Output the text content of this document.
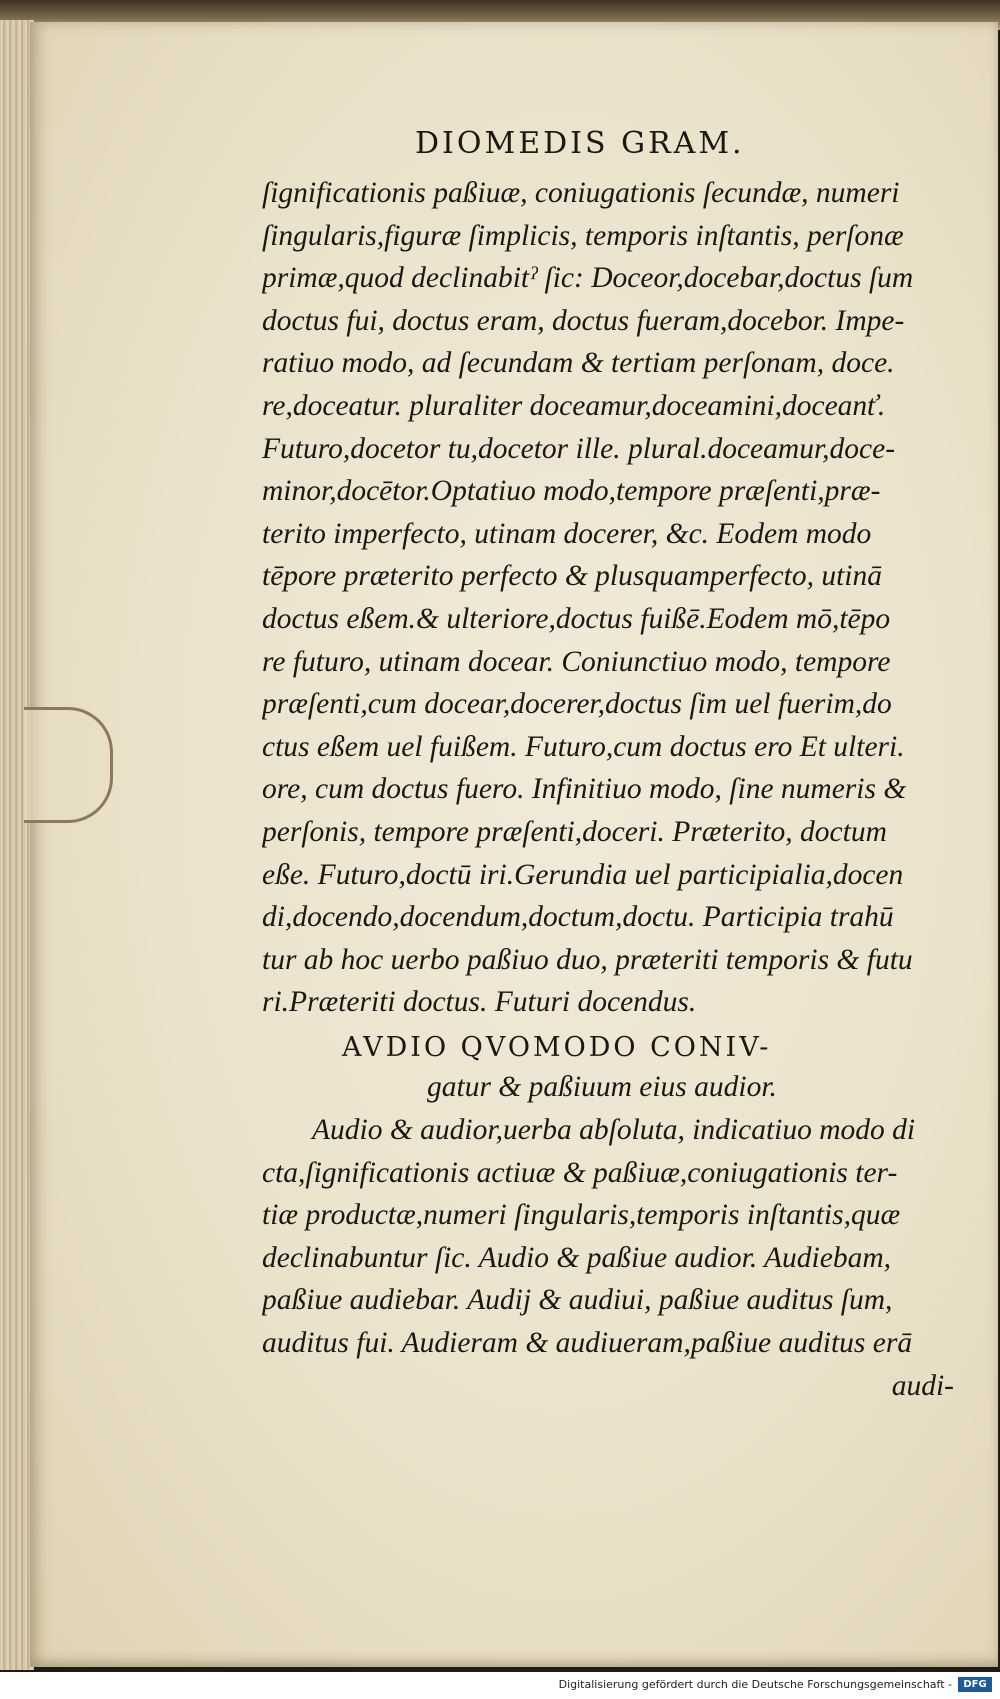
DIOMEDIS GRAM.
ſignificationis paßiuæ, coniugationis ſecundæ, numeri
ſingularis,figuræ ſimplicis, temporis inſtantis, perſonæ
primæ,quod declinabitˀ ſic: Doceor,docebar,doctus ſum
doctus fui, doctus eram, doctus fueram,docebor. Impe-
ratiuo modo, ad ſecundam & tertiam perſonam, doce.
re,doceatur. pluraliter doceamur,doceamini,doceanť.
Futuro,docetor tu,docetor ille. plural.doceamur,doce-
minor,docētor.Optatiuo modo,tempore præſenti,præ-
terito imperfecto, utinam docerer, &c. Eodem modo
tēpore præterito perfecto & plusquamperfecto, utinā
doctus eßem.& ulteriore,doctus fuißē.Eodem mō,tēpo
re futuro, utinam docear. Coniunctiuo modo, tempore
præſenti,cum docear,docerer,doctus ſim uel fuerim,do
ctus eßem uel fuißem. Futuro,cum doctus ero Et ulteri.
ore, cum doctus fuero. Infinitiuo modo, ſine numeris &
perſonis, tempore præſenti,doceri. Præterito, doctum
eße. Futuro,doctū iri.Gerundia uel participialia,docen
di,docendo,docendum,doctum,doctu. Participia trahū
tur ab hoc uerbo paßiuo duo, præteriti temporis & futu
ri.Præteriti doctus. Futuri docendus.
AVDIO QVOMODO CONIV-
gatur & paßiuum eius audior.
Audio & audior,uerba abſoluta, indicatiuo modo di
cta,ſignificationis actiuæ & paßiuæ,coniugationis ter-
tiæ productæ,numeri ſingularis,temporis inſtantis,quæ
declinabuntur ſic. Audio & paßiue audior. Audiebam,
paßiue audiebar. Audij & audiui, paßiue auditus ſum,
auditus fui. Audieram & audiueram,paßiue auditus erā
audi-
Digitalisierung gefördert durch die Deutsche Forschungsgemeinschaft -	DFG
